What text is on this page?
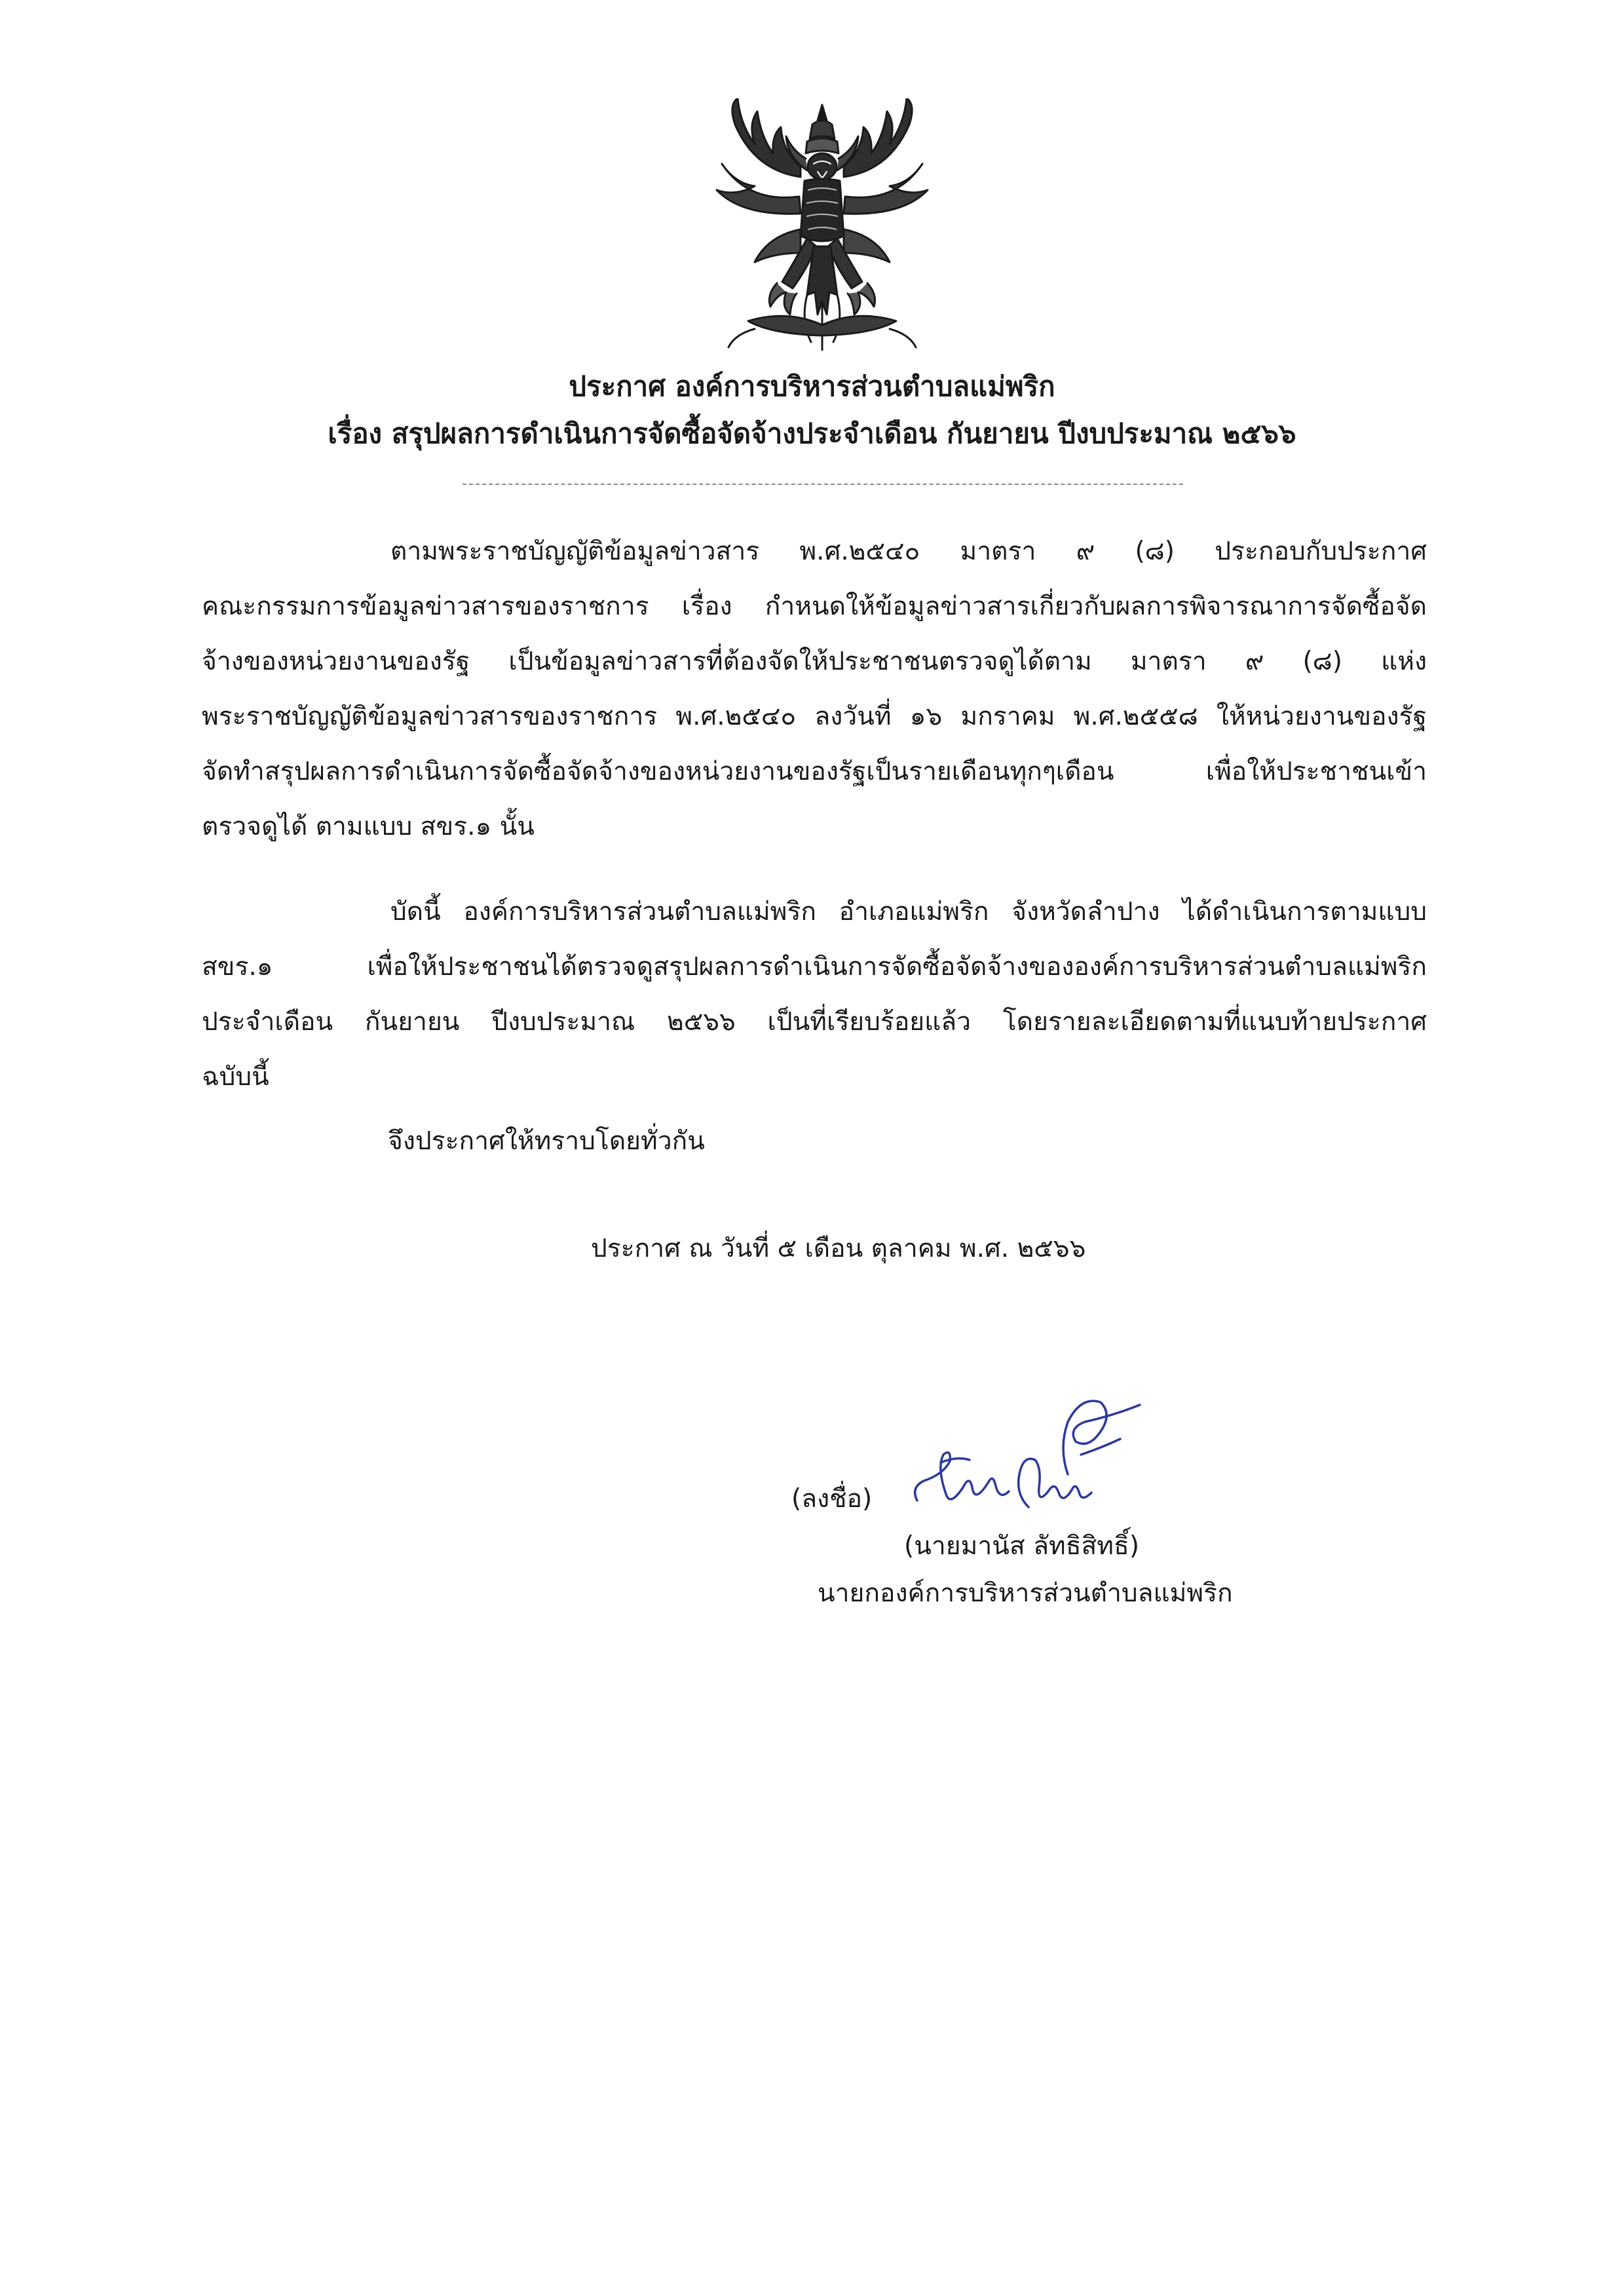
ประกาศ องค์การบริหารส่วนตำบลแม่พริก
เรื่อง สรุปผลการดำเนินการจัดซื้อจัดจ้างประจำเดือน กันยายน ปีงบประมาณ ๒๕๖๖
ตามพระราชบัญญัติข้อมูลข่าวสาร พ.ศ.๒๕๔๐ มาตรา ๙ (๘) ประกอบกับประกาศ
คณะกรรมการข้อมูลข่าวสารของราชการ เรื่อง กำหนดให้ข้อมูลข่าวสารเกี่ยวกับผลการพิจารณาการจัดซื้อจัด
จ้างของหน่วยงานของรัฐ เป็นข้อมูลข่าวสารที่ต้องจัดให้ประชาชนตรวจดูได้ตาม มาตรา ๙ (๘) แห่ง
พระราชบัญญัติข้อมูลข่าวสารของราชการ พ.ศ.๒๕๔๐ ลงวันที่ ๑๖ มกราคม พ.ศ.๒๕๕๘ ให้หน่วยงานของรัฐ
จัดทำสรุปผลการดำเนินการจัดซื้อจัดจ้างของหน่วยงานของรัฐเป็นรายเดือนทุกๆเดือน เพื่อให้ประชาชนเข้า
ตรวจดูได้ ตามแบบ สขร.๑ นั้น
บัดนี้ องค์การบริหารส่วนตำบลแม่พริก อำเภอแม่พริก จังหวัดลำปาง ได้ดำเนินการตามแบบ
สขร.๑ เพื่อให้ประชาชนได้ตรวจดูสรุปผลการดำเนินการจัดซื้อจัดจ้างขององค์การบริหารส่วนตำบลแม่พริก
ประจำเดือน กันยายน ปีงบประมาณ ๒๕๖๖ เป็นที่เรียบร้อยแล้ว โดยรายละเอียดตามที่แนบท้ายประกาศ
ฉบับนี้
จึงประกาศให้ทราบโดยทั่วกัน
ประกาศ ณ วันที่ ๕ เดือน ตุลาคม พ.ศ. ๒๕๖๖
(ลงชื่อ)
(นายมานัส ลัทธิสิทธิ์)
นายกองค์การบริหารส่วนตำบลแม่พริก
